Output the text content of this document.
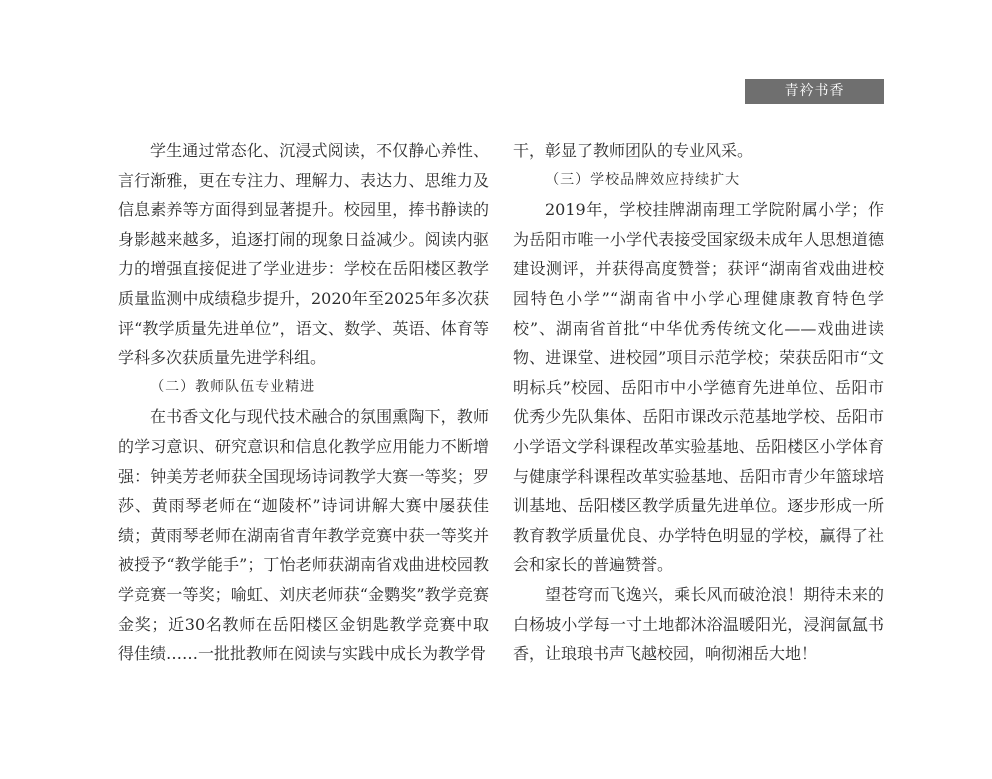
青衿书香

学生通过常态化、沉浸式阅读，不仅静心养性、言行渐雅，更在专注力、理解力、表达力、思维力及信息素养等方面得到显著提升。校园里，捧书静读的身影越来越多，追逐打闹的现象日益减少。阅读内驱力的增强直接促进了学业进步：学校在岳阳楼区教学质量监测中成绩稳步提升，2020年至2025年多次获评“教学质量先进单位”，语文、数学、英语、体育等学科多次获质量先进学科组。

（二）教师队伍专业精进

在书香文化与现代技术融合的氛围熏陶下，教师的学习意识、研究意识和信息化教学应用能力不断增强：钟美芳老师获全国现场诗词教学大赛一等奖；罗莎、黄雨琴老师在“迦陵杯”诗词讲解大赛中屡获佳绩；黄雨琴老师在湖南省青年教学竞赛中获一等奖并被授予“教学能手”；丁怡老师获湖南省戏曲进校园教学竞赛一等奖；喻虹、刘庆老师获“金鹦奖”教学竞赛金奖；近30名教师在岳阳楼区金钥匙教学竞赛中取得佳绩……一批批教师在阅读与实践中成长为教学骨

干，彰显了教师团队的专业风采。

（三）学校品牌效应持续扩大

2019年，学校挂牌湖南理工学院附属小学；作为岳阳市唯一小学代表接受国家级未成年人思想道德建设测评，并获得高度赞誉；获评“湖南省戏曲进校园特色小学”“湖南省中小学心理健康教育特色学校”、湖南省首批“中华优秀传统文化——戏曲进读物、进课堂、进校园”项目示范学校；荣获岳阳市“文明标兵”校园、岳阳市中小学德育先进单位、岳阳市优秀少先队集体、岳阳市课改示范基地学校、岳阳市小学语文学科课程改革实验基地、岳阳楼区小学体育与健康学科课程改革实验基地、岳阳市青少年篮球培训基地、岳阳楼区教学质量先进单位。逐步形成一所教育教学质量优良、办学特色明显的学校，赢得了社会和家长的普遍赞誉。

望苍穹而飞逸兴，乘长风而破沧浪！期待未来的白杨坡小学每一寸土地都沐浴温暖阳光，浸润氤氲书香，让琅琅书声飞越校园，响彻湘岳大地！
